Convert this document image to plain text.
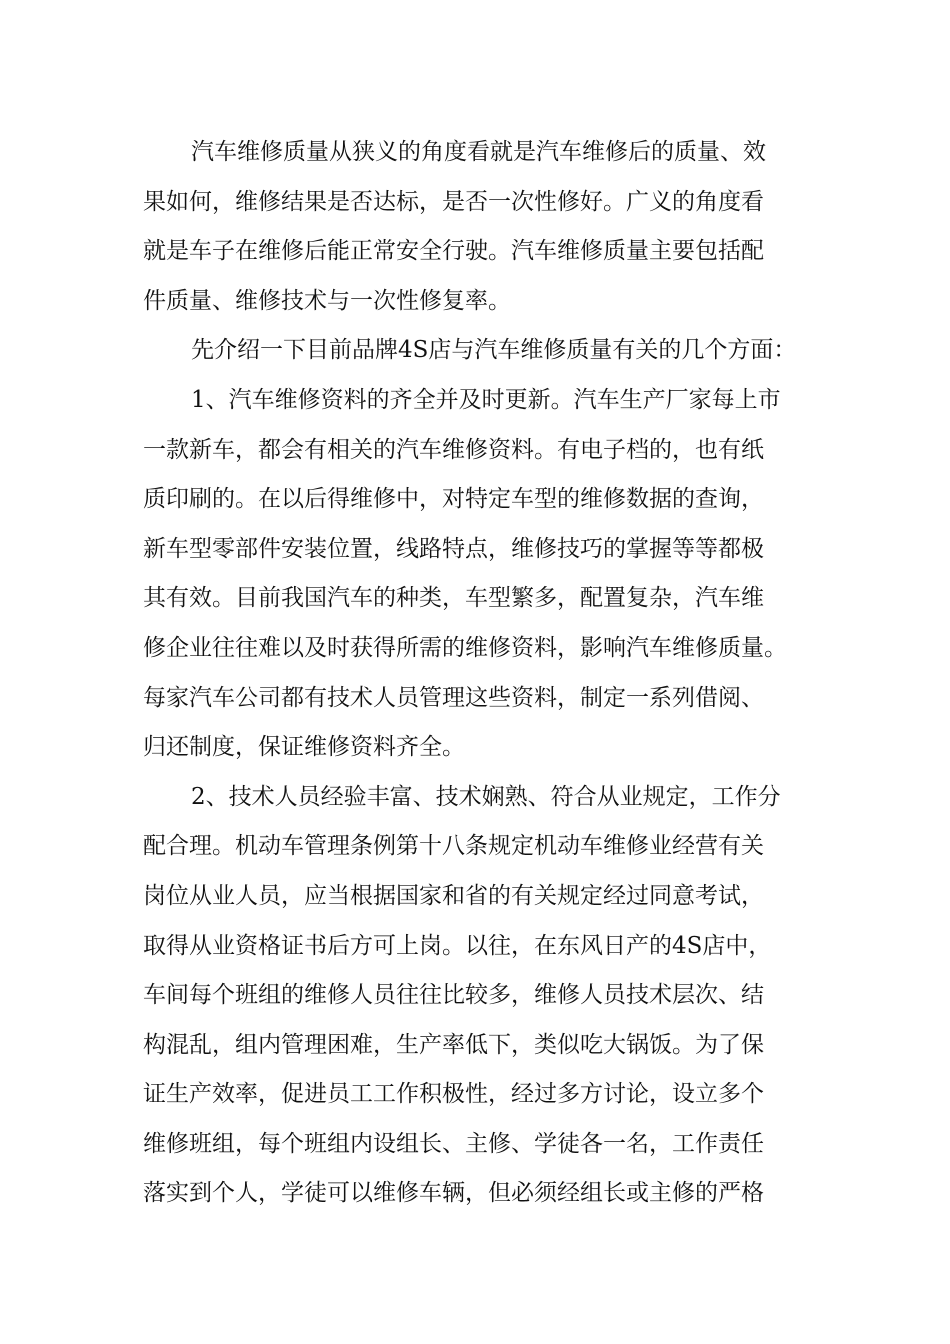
汽车维修质量从狭义的角度看就是汽车维修后的质量、效
果如何，维修结果是否达标，是否一次性修好。广义的角度看
就是车子在维修后能正常安全行驶。汽车维修质量主要包括配
件质量、维修技术与一次性修复率。
先介绍一下目前品牌4S店与汽车维修质量有关的几个方面：
1、汽车维修资料的齐全并及时更新。汽车生产厂家每上市
一款新车，都会有相关的汽车维修资料。有电子档的，也有纸
质印刷的。在以后得维修中，对特定车型的维修数据的查询，
新车型零部件安装位置，线路特点，维修技巧的掌握等等都极
其有效。目前我国汽车的种类，车型繁多，配置复杂，汽车维
修企业往往难以及时获得所需的维修资料，影响汽车维修质量。
每家汽车公司都有技术人员管理这些资料，制定一系列借阅、
归还制度，保证维修资料齐全。
2、技术人员经验丰富、技术娴熟、符合从业规定，工作分
配合理。机动车管理条例第十八条规定机动车维修业经营有关
岗位从业人员，应当根据国家和省的有关规定经过同意考试，
取得从业资格证书后方可上岗。以往，在东风日产的4S店中，
车间每个班组的维修人员往往比较多，维修人员技术层次、结
构混乱，组内管理困难，生产率低下，类似吃大锅饭。为了保
证生产效率，促进员工工作积极性，经过多方讨论，设立多个
维修班组，每个班组内设组长、主修、学徒各一名，工作责任
落实到个人，学徒可以维修车辆，但必须经组长或主修的严格
